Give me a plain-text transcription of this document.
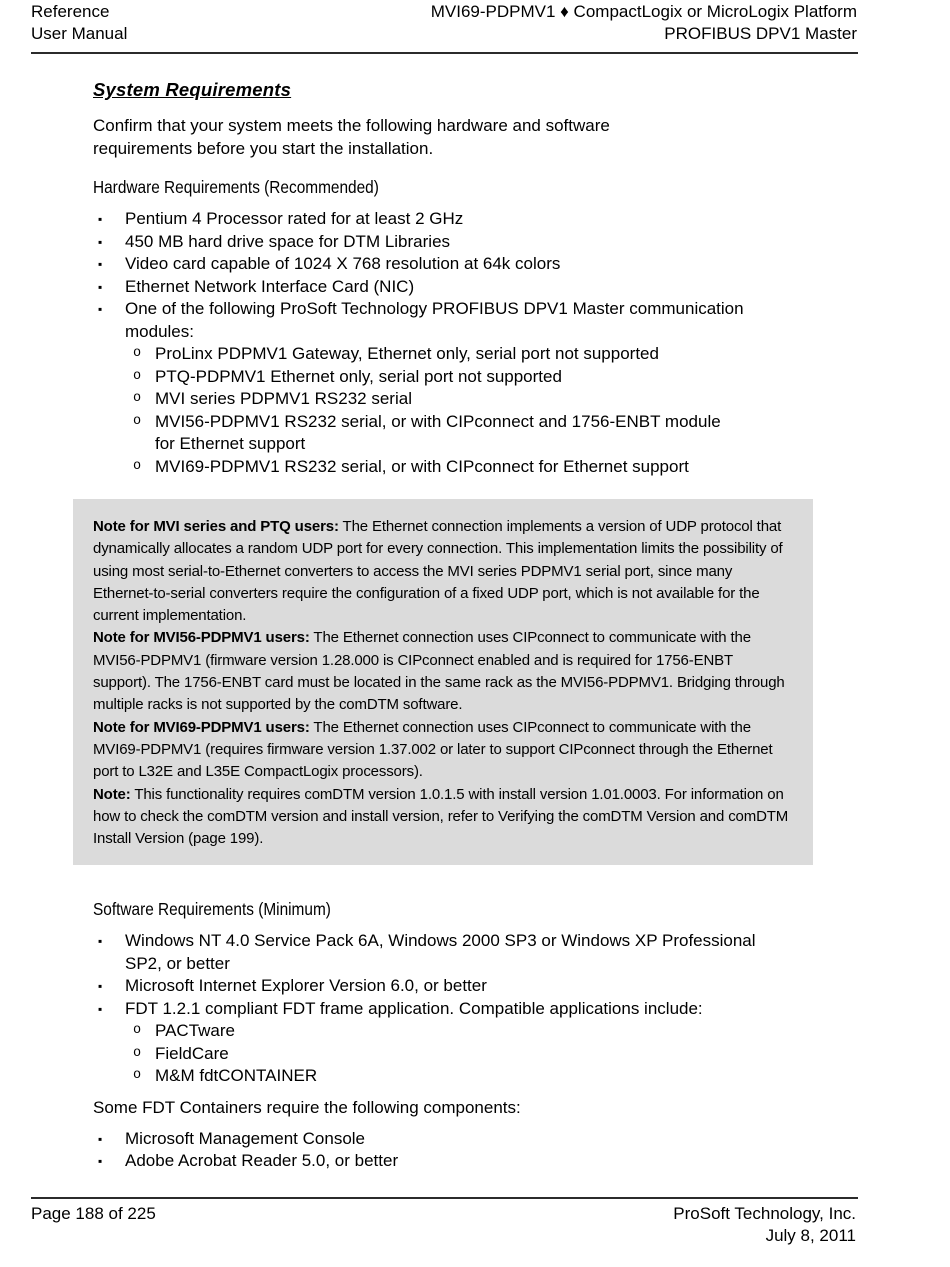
Reference
User Manual
MVI69-PDPMV1 ♦ CompactLogix or MicroLogix Platform
PROFIBUS DPV1 Master
System Requirements

Confirm that your system meets the following hardware and software requirements before you start the installation.

Hardware Requirements (Recommended)
▪	Pentium 4 Processor rated for at least 2 GHz
▪	450 MB hard drive space for DTM Libraries
▪	Video card capable of 1024 X 768 resolution at 64k colors
▪	Ethernet Network Interface Card (NIC)
▪	One of the following ProSoft Technology PROFIBUS DPV1 Master communication modules:
o ProLinx PDPMV1 Gateway, Ethernet only, serial port not supported
o PTQ-PDPMV1 Ethernet only, serial port not supported
o MVI series PDPMV1 RS232 serial
o MVI56-PDPMV1 RS232 serial, or with CIPconnect and 1756-ENBT module for Ethernet support
o MVI69-PDPMV1 RS232 serial, or with CIPconnect for Ethernet support

Note for MVI series and PTQ users: The Ethernet connection implements a version of UDP protocol that dynamically allocates a random UDP port for every connection. This implementation limits the possibility of using most serial-to-Ethernet converters to access the MVI series PDPMV1 serial port, since many Ethernet-to-serial converters require the configuration of a fixed UDP port, which is not available for the current implementation.

Note for MVI56-PDPMV1 users: The Ethernet connection uses CIPconnect to communicate with the MVI56-PDPMV1 (firmware version 1.28.000 is CIPconnect enabled and is required for 1756-ENBT support). The 1756-ENBT card must be located in the same rack as the MVI56-PDPMV1. Bridging through multiple racks is not supported by the comDTM software.

Note for MVI69-PDPMV1 users: The Ethernet connection uses CIPconnect to communicate with the MVI69-PDPMV1 (requires firmware version 1.37.002 or later to support CIPconnect through the Ethernet port to L32E and L35E CompactLogix processors).

Note: This functionality requires comDTM version 1.0.1.5 with install version 1.01.0003. For information on how to check the comDTM version and install version, refer to Verifying the comDTM Version and comDTM Install Version (page 199).

Software Requirements (Minimum)
▪	Windows NT 4.0 Service Pack 6A, Windows 2000 SP3 or Windows XP Professional SP2, or better
▪	Microsoft Internet Explorer Version 6.0, or better
▪	FDT 1.2.1 compliant FDT frame application. Compatible applications include:
o PACTware
o FieldCare
o M&M fdtCONTAINER

Some FDT Containers require the following components:

▪	Microsoft Management Console
▪	Adobe Acrobat Reader 5.0, or better
Page 188 of 225	ProSoft Technology, Inc.
July 8, 2011
